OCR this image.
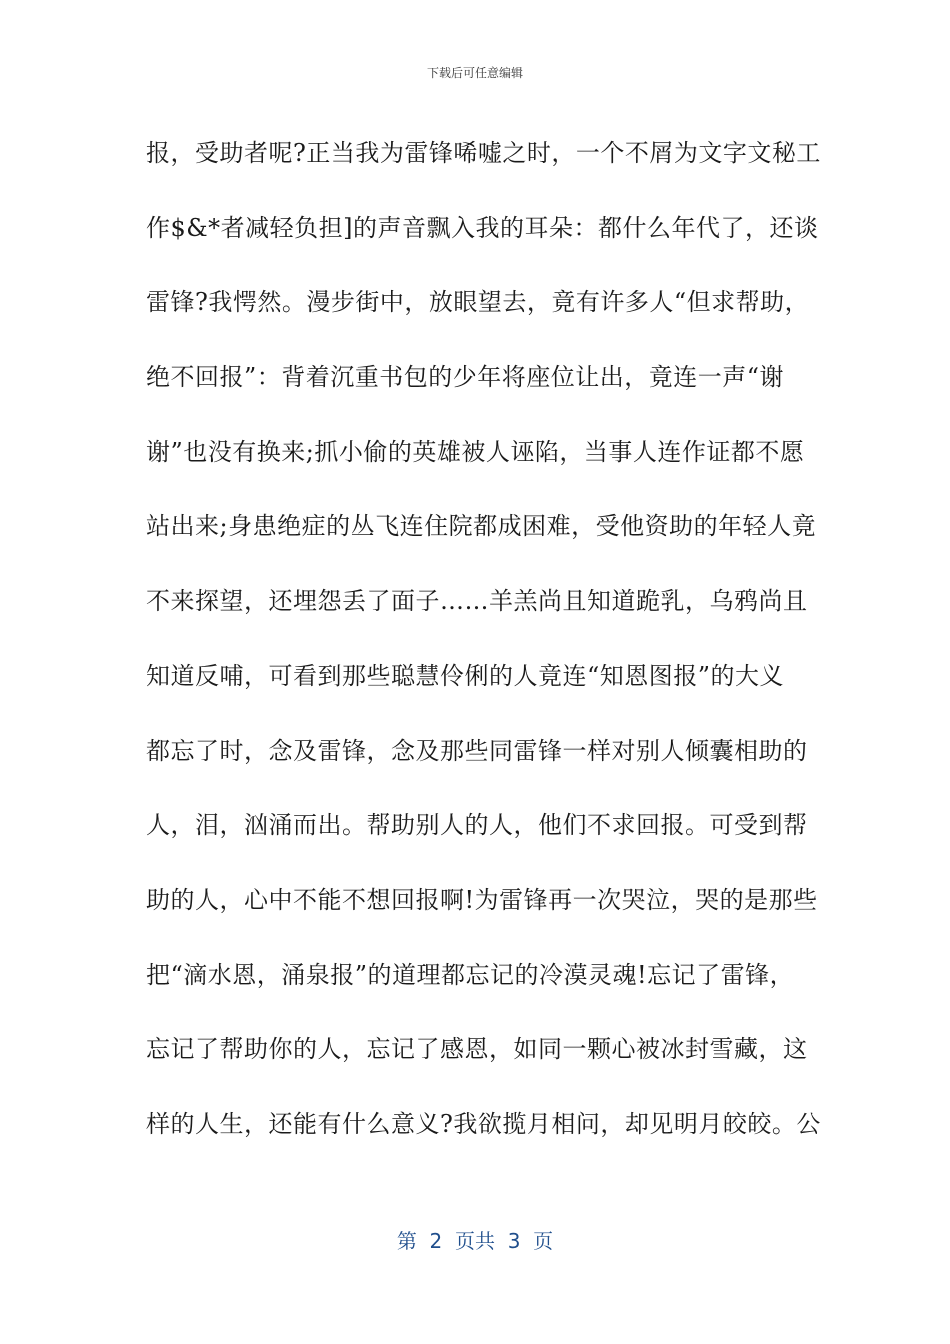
下载后可任意编辑
报，受助者呢?正当我为雷锋唏嘘之时，一个不屑为文字文秘工
作$&*者减轻负担]的声音飘入我的耳朵：都什么年代了，还谈
雷锋?我愕然。漫步街中，放眼望去，竟有许多人“但求帮助，
绝不回报”：背着沉重书包的少年将座位让出，竟连一声“谢
谢”也没有换来;抓小偷的英雄被人诬陷，当事人连作证都不愿
站出来;身患绝症的丛飞连住院都成困难，受他资助的年轻人竟
不来探望，还埋怨丢了面子……羊羔尚且知道跪乳，乌鸦尚且
知道反哺，可看到那些聪慧伶俐的人竟连“知恩图报”的大义
都忘了时，念及雷锋，念及那些同雷锋一样对别人倾囊相助的
人，泪，汹涌而出。帮助别人的人，他们不求回报。可受到帮
助的人，心中不能不想回报啊!为雷锋再一次哭泣，哭的是那些
把“滴水恩，涌泉报”的道理都忘记的冷漠灵魂!忘记了雷锋，
忘记了帮助你的人，忘记了感恩，如同一颗心被冰封雪藏，这
样的人生，还能有什么意义?我欲揽月相问，却见明月皎皎。公
第  2  页共  3  页
